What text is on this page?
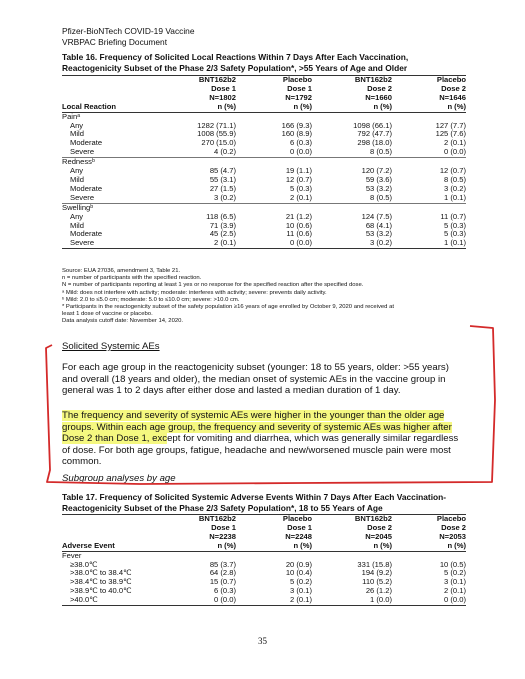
Pfizer-BioNTech COVID-19 Vaccine
VRBPAC Briefing Document
Table 16. Frequency of Solicited Local Reactions Within 7 Days After Each Vaccination,
Reactogenicity Subset of the Phase 2/3 Safety Population*, >55 Years of Age and Older
	BNT162b2	Placebo	BNT162b2	Placebo
	Dose 1	Dose 1	Dose 2	Dose 2
	N=1802	N=1792	N=1660	N=1646
Local Reaction	n (%)	n (%)	n (%)	n (%)
Painᵃ				
Any	1282 (71.1)	166 (9.3)	1098 (66.1)	127 (7.7)
Mild	1008 (55.9)	160 (8.9)	792 (47.7)	125 (7.6)
Moderate	270 (15.0)	6 (0.3)	298 (18.0)	2 (0.1)
Severe	4 (0.2)	0 (0.0)	8 (0.5)	0 (0.0)
Rednessᵇ				
Any	85 (4.7)	19 (1.1)	120 (7.2)	12 (0.7)
Mild	55 (3.1)	12 (0.7)	59 (3.6)	8 (0.5)
Moderate	27 (1.5)	5 (0.3)	53 (3.2)	3 (0.2)
Severe	3 (0.2)	2 (0.1)	8 (0.5)	1 (0.1)
Swellingᵇ				
Any	118 (6.5)	21 (1.2)	124 (7.5)	11 (0.7)
Mild	71 (3.9)	10 (0.6)	68 (4.1)	5 (0.3)
Moderate	45 (2.5)	11 (0.6)	53 (3.2)	5 (0.3)
Severe	2 (0.1)	0 (0.0)	3 (0.2)	1 (0.1)
Source: EUA 27036, amendment 3, Table 21.
n = number of participants with the specified reaction.
N = number of participants reporting at least 1 yes or no response for the specified reaction after the specified dose.
ᵃ Mild: does not interfere with activity; moderate: interferes with activity; severe: prevents daily activity.
ᵇ Mild: 2.0 to ≤5.0 cm; moderate: 5.0 to ≤10.0 cm; severe: >10.0 cm.
* Participants in the reactogenicity subset of the safety population ≥16 years of age enrolled by October 9, 2020 and received at
least 1 dose of vaccine or placebo.
Data analysis cutoff date: November 14, 2020.
Solicited Systemic AEs
For each age group in the reactogenicity subset (younger: 18 to 55 years, older: >55 years) and overall (18 years and older), the median onset of systemic AEs in the vaccine group in general was 1 to 2 days after either dose and lasted a median duration of 1 day.
The frequency and severity of systemic AEs were higher in the younger than the older age groups. Within each age group, the frequency and severity of systemic AEs was higher after Dose 2 than Dose 1, except for vomiting and diarrhea, which was generally similar regardless of dose. For both age groups, fatigue, headache and new/worsened muscle pain were most common.
Subgroup analyses by age
Table 17. Frequency of Solicited Systemic Adverse Events Within 7 Days After Each Vaccination-
Reactogenicity Subset of the Phase 2/3 Safety Population*, 18 to 55 Years of Age
	BNT162b2	Placebo	BNT162b2	Placebo
	Dose 1	Dose 1	Dose 2	Dose 2
	N=2238	N=2248	N=2045	N=2053
Adverse Event	n (%)	n (%)	n (%)	n (%)
Fever				
≥38.0℃	85 (3.7)	20 (0.9)	331 (15.8)	10 (0.5)
>38.0℃ to 38.4℃	64 (2.8)	10 (0.4)	194 (9.2)	5 (0.2)
>38.4℃ to 38.9℃	15 (0.7)	5 (0.2)	110 (5.2)	3 (0.1)
>38.9℃ to 40.0℃	6 (0.3)	3 (0.1)	26 (1.2)	2 (0.1)
>40.0℃	0 (0.0)	2 (0.1)	1 (0.0)	0 (0.0)
35
